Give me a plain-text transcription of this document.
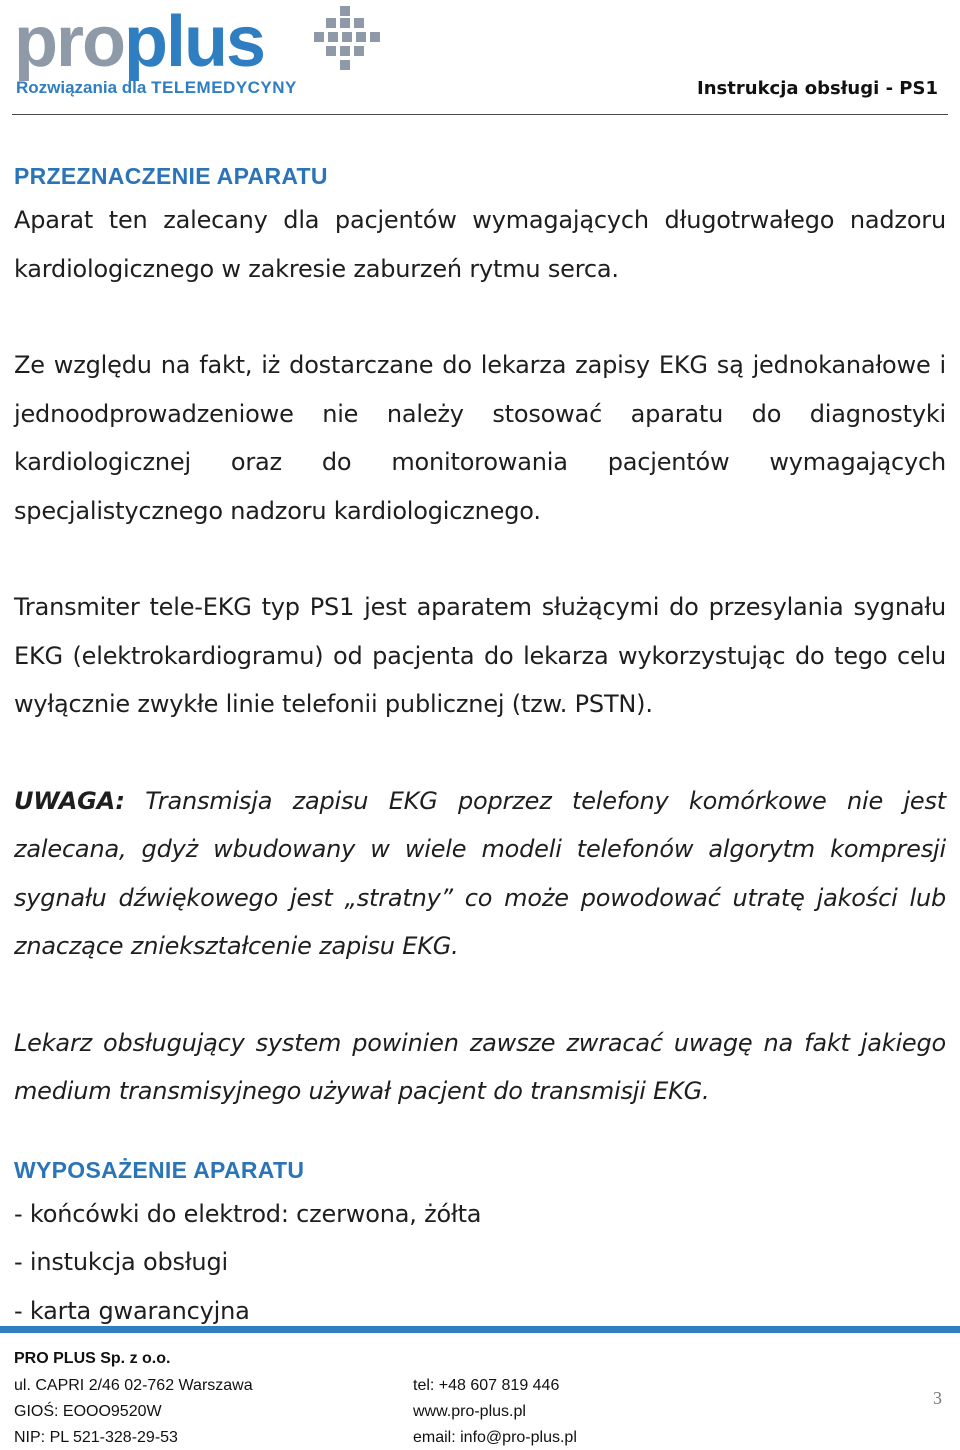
proplus
Rozwiązania dla TELEMEDYCYNY	Instrukcja obsługi - PS1
PRZEZNACZENIE APARATU
Aparat ten zalecany dla pacjentów wymagających długotrwałego nadzoru kardiologicznego w zakresie zaburzeń rytmu serca.
Ze względu na fakt, iż dostarczane do lekarza zapisy EKG są jednokanałowe i jednoodprowadzeniowe nie należy stosować aparatu do diagnostyki kardiologicznej oraz do monitorowania pacjentów wymagających specjalistycznego nadzoru kardiologicznego.
Transmiter tele-EKG typ PS1 jest aparatem służącymi do przesylania sygnału EKG (elektrokardiogramu) od pacjenta do lekarza wykorzystując do tego celu wyłącznie zwykłe linie telefonii publicznej (tzw. PSTN).
UWAGA: Transmisja zapisu EKG poprzez telefony komórkowe nie jest zalecana, gdyż wbudowany w wiele modeli telefonów algorytm kompresji sygnału dźwiękowego jest „stratny” co może powodować utratę jakości lub znaczące zniekształcenie zapisu EKG.
Lekarz obsługujący system powinien zawsze zwracać uwagę na fakt jakiego medium transmisyjnego używał pacjent do transmisji EKG.
WYPOSAŻENIE APARATU
- końcówki do elektrod: czerwona, żółta
- instukcja obsługi
- karta gwarancyjna
PRO PLUS Sp. z o.o.
ul. CAPRI 2/46 02-762 Warszawa
GIOŚ: EOOO9520W
NIP: PL 521-328-29-53
tel: +48 607 819 446
www.pro-plus.pl
email: info@pro-plus.pl
3
